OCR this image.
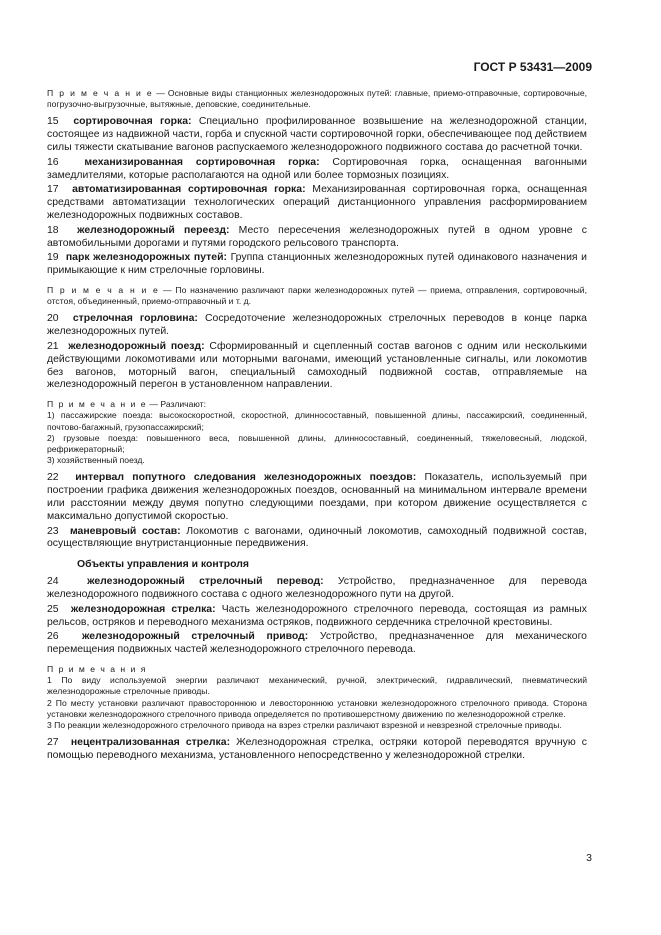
ГОСТ Р 53431—2009
П р и м е ч а н и е — Основные виды станционных железнодорожных путей: главные, приемо-отправочные, сортировочные, погрузочно-выгрузочные, вытяжные, деповские, соединительные.

15 сортировочная горка: Специально профилированное возвышение на железнодорожной станции, состоящее из надвижной части, горба и спускной части сортировочной горки, обеспечивающее под действием силы тяжести скатывание вагонов распускаемого железнодорожного подвижного состава до расчетной точки.

16 механизированная сортировочная горка: Сортировочная горка, оснащенная вагонными замедлителями, которые располагаются на одной или более тормозных позициях.

17 автоматизированная сортировочная горка: Механизированная сортировочная горка, оснащенная средствами автоматизации технологических операций дистанционного управления расформированием железнодорожных подвижных составов.

18 железнодорожный переезд: Место пересечения железнодорожных путей в одном уровне с автомобильными дорогами и путями городского рельсового транспорта.

19 парк железнодорожных путей: Группа станционных железнодорожных путей одинакового назначения и примыкающие к ним стрелочные горловины.

П р и м е ч а н и е — По назначению различают парки железнодорожных путей — приема, отправления, сортировочный, отстоя, объединенный, приемо-отправочный и т. д.

20 стрелочная горловина: Сосредоточение железнодорожных стрелочных переводов в конце парка железнодорожных путей.

21 железнодорожный поезд: Сформированный и сцепленный состав вагонов с одним или несколькими действующими локомотивами или моторными вагонами, имеющий установленные сигналы, или локомотив без вагонов, моторный вагон, специальный самоходный подвижной состав, отправляемые на железнодорожный перегон в установленном направлении.

П р и м е ч а н и е — Различают:
1) пассажирские поезда: высокоскоростной, скоростной, длинносоставный, повышенной длины, пассажирский, соединенный, почтово-багажный, грузопассажирский;
2) грузовые поезда: повышенного веса, повышенной длины, длинносоставный, соединенный, тяжеловесный, людской, рефрижераторный;
3) хозяйственный поезд.

22 интервал попутного следования железнодорожных поездов: Показатель, используемый при построении графика движения железнодорожных поездов, основанный на минимальном интервале времени или расстоянии между двумя попутно следующими поездами, при котором движение осуществляется с максимально допустимой скоростью.

23 маневровый состав: Локомотив с вагонами, одиночный локомотив, самоходный подвижной состав, осуществляющие внутристанционные передвижения.

Объекты управления и контроля

24	железнодорожный стрелочный перевод: Устройство, предназначенное для перевода железнодорожного подвижного состава с одного железнодорожного пути на другой.

25 железнодорожная стрелка: Часть железнодорожного стрелочного перевода, состоящая из рамных рельсов, остряков и переводного механизма остряков, подвижного сердечника стрелочной крестовины.

26 железнодорожный стрелочный привод: Устройство, предназначенное для механического перемещения подвижных частей железнодорожного стрелочного перевода.

П р и м е ч а н и я
1 По виду используемой энергии различают механический, ручной, электрический, гидравлический, пневматический железнодорожные стрелочные приводы.
2 По месту установки различают правостороннюю и левостороннюю установки железнодорожного стрелочного привода. Сторона установки железнодорожного стрелочного привода определяется по противошерстному движению по железнодорожной стрелке.
3 По реакции железнодорожного стрелочного привода на взрез стрелки различают взрезной и невзрезной стрелочные приводы.

27 нецентрализованная стрелка: Железнодорожная стрелка, остряки которой переводятся вручную с помощью переводного механизма, установленного непосредственно у железнодорожной стрелки.

3
